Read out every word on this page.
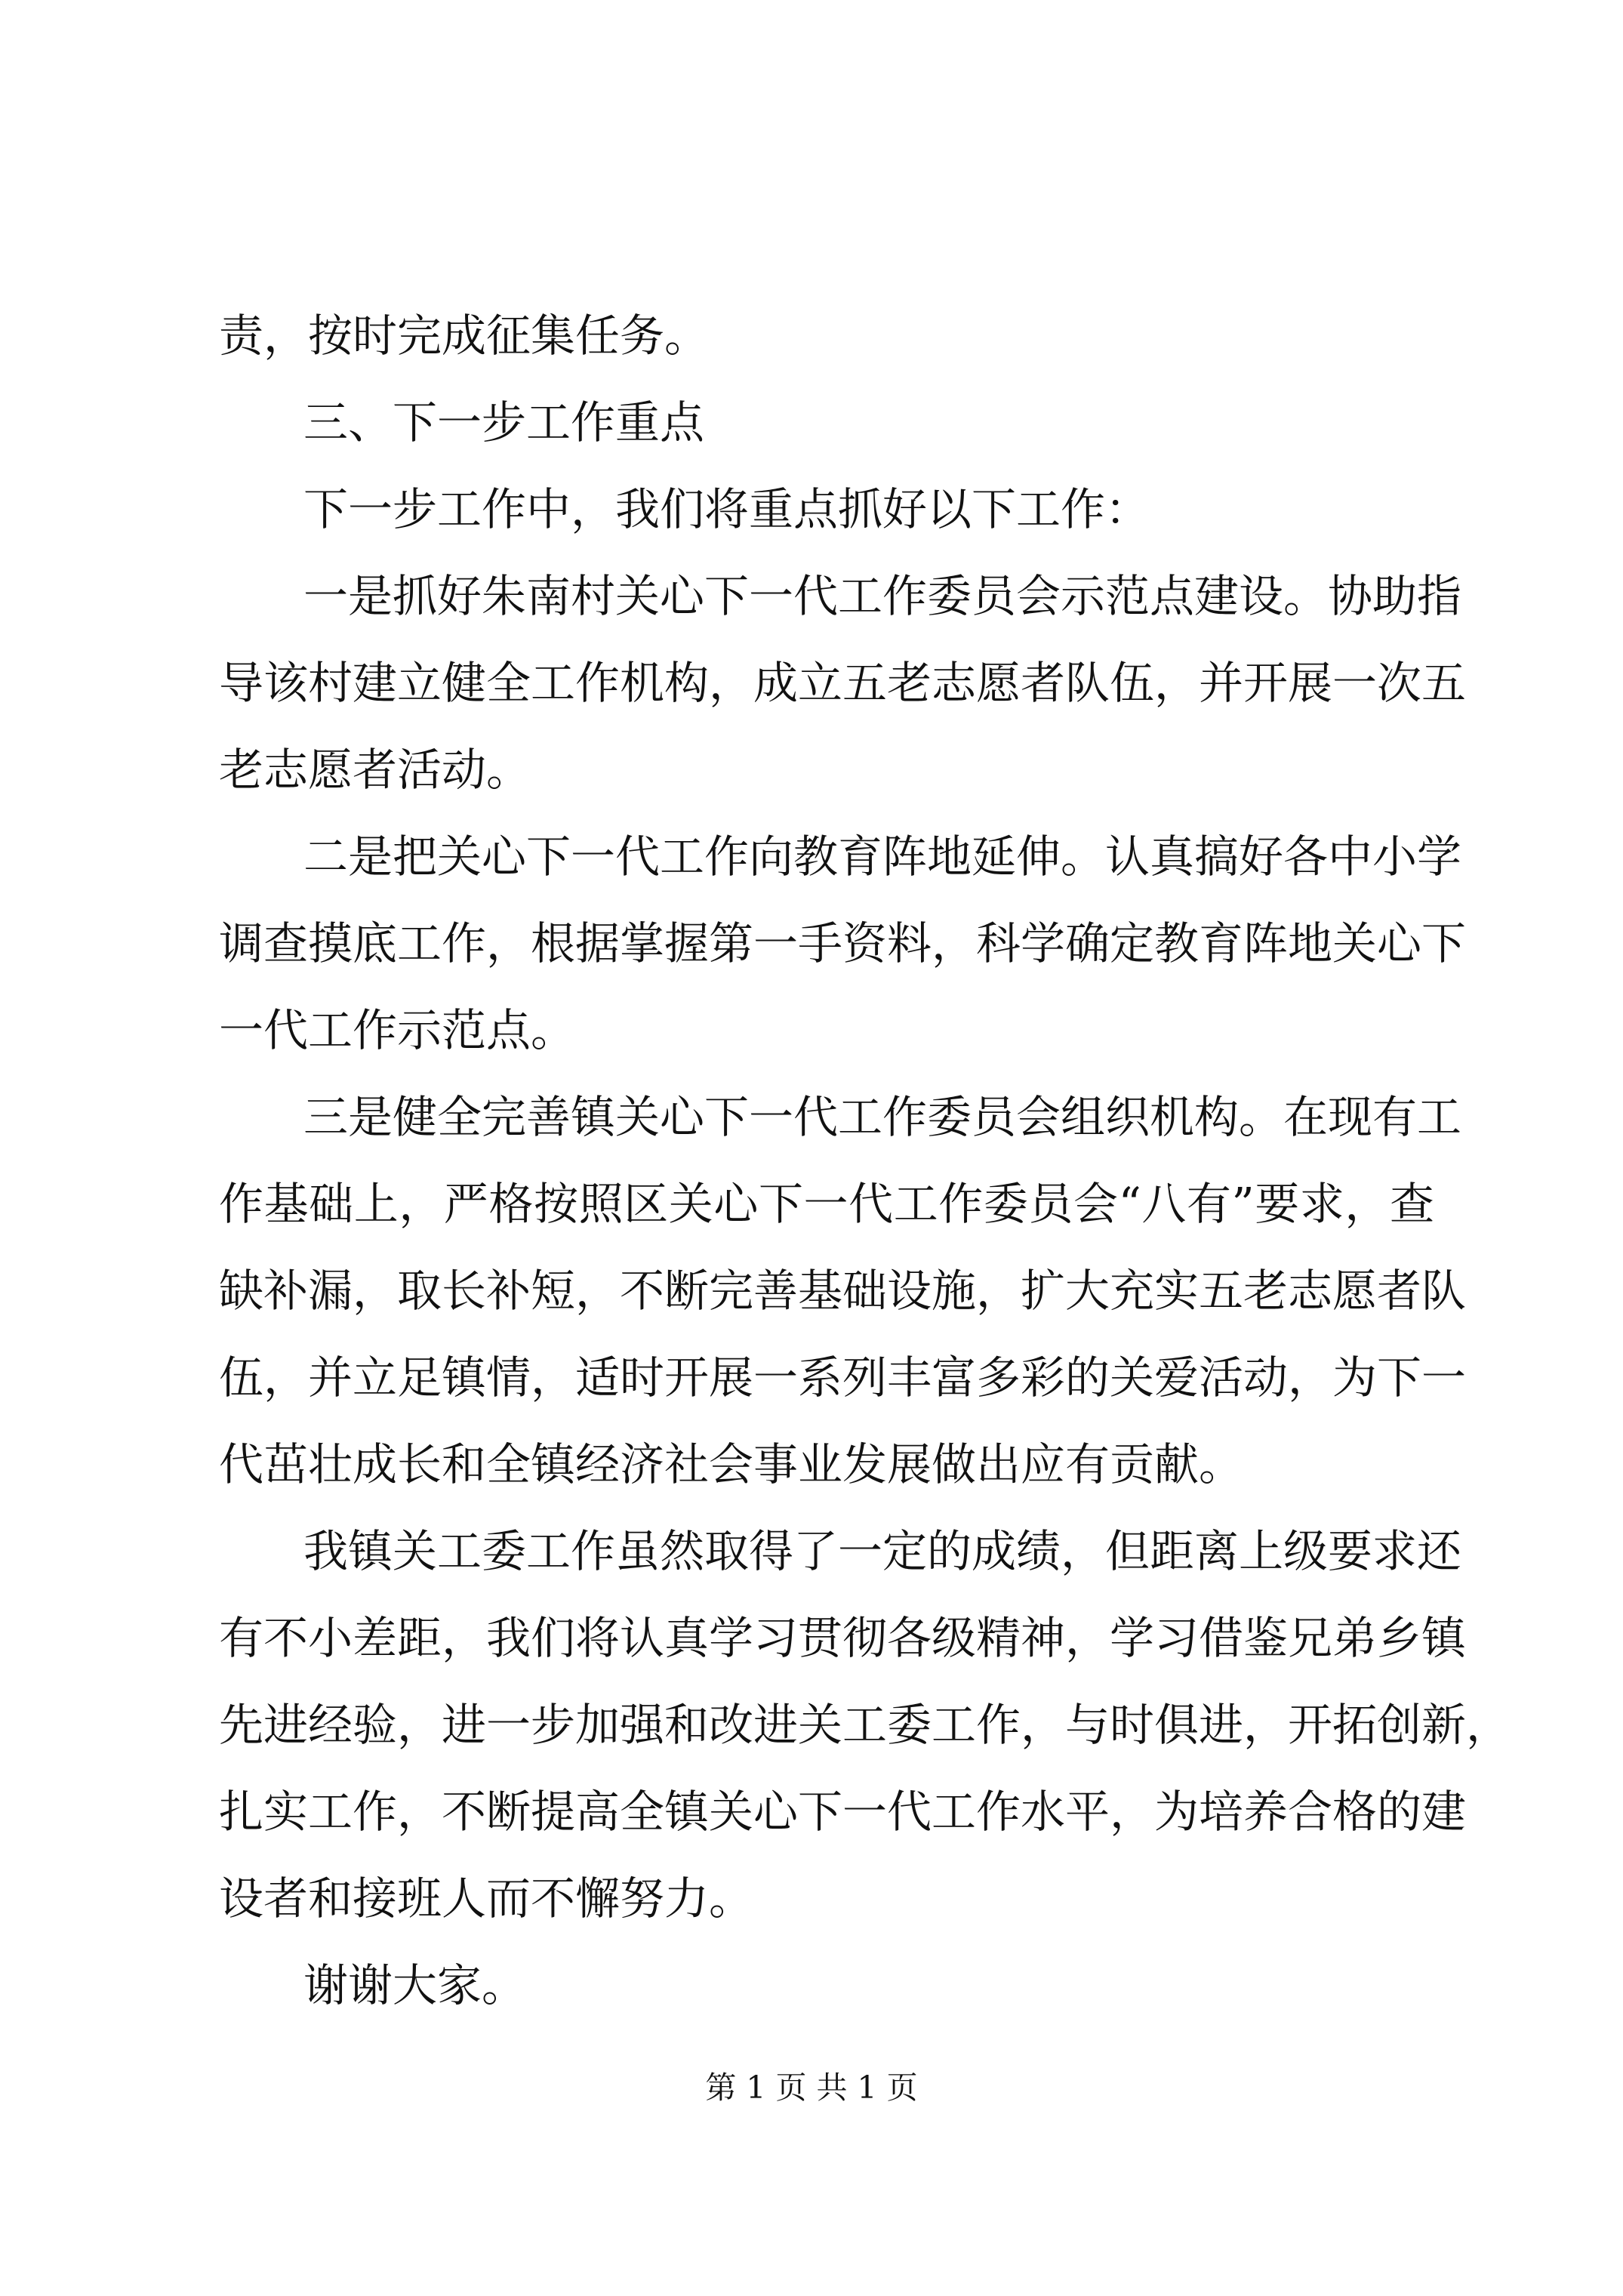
责，按时完成征集任务。
三、下一步工作重点
下一步工作中，我们将重点抓好以下工作：
一是抓好朱南村关心下一代工作委员会示范点建设。协助指
导该村建立健全工作机构，成立五老志愿者队伍，并开展一次五
老志愿者活动。
二是把关心下一代工作向教育阵地延伸。认真搞好各中小学
调查摸底工作，根据掌握第一手资料，科学确定教育阵地关心下
一代工作示范点。
三是健全完善镇关心下一代工作委员会组织机构。在现有工
作基础上，严格按照区关心下一代工作委员会“八有”要求，查
缺补漏，取长补短，不断完善基础设施，扩大充实五老志愿者队
伍，并立足镇情，适时开展一系列丰富多彩的关爱活动，为下一
代茁壮成长和全镇经济社会事业发展做出应有贡献。
我镇关工委工作虽然取得了一定的成绩，但距离上级要求还
有不小差距，我们将认真学习贯彻各级精神，学习借鉴兄弟乡镇
先进经验，进一步加强和改进关工委工作，与时俱进，开拓创新，
扎实工作，不断提高全镇关心下一代工作水平，为培养合格的建
设者和接班人而不懈努力。
谢谢大家。
第 1 页 共 1 页
